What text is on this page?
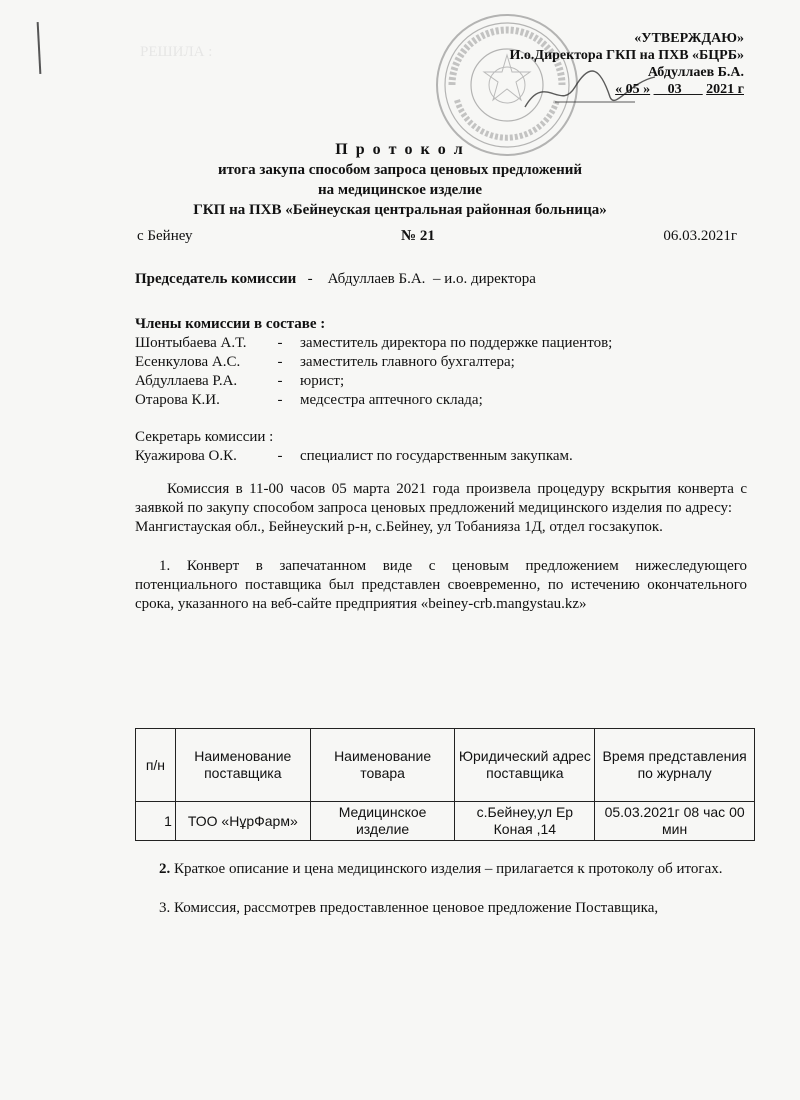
РЕШИЛА :

«УТВЕРЖДАЮ»
И.о.Директора ГКП на ПХВ «БЦРБ»
Абдуллаев Б.А.
« 05 » __03___ 2021 г
П р о т о к о л
итога закупа способом запроса ценовых предложений
на медицинское изделие
ГКП на ПХВ «Бейнеуская центральная районная больница»
с Бейнеу	№ 21	06.03.2021г
Председатель комиссии - Абдуллаев Б.А. – и.о. директора
Члены комиссии в составе :
Шонтыбаева А.Т.	-	заместитель директора по поддержке пациентов;
Есенкулова А.С.	-	заместитель главного бухгалтера;
Абдуллаева Р.А.	-	юрист;
Отарова К.И.	-	медсестра аптечного склада;
Секретарь комиссии :
Куажирова О.К.	-	специалист по государственным закупкам.
Комиссия в 11-00 часов 05 марта 2021 года произвела процедуру вскрытия конверта с заявкой по закупу способом запроса ценовых предложений медицинского изделия по адресу:
Мангистауская обл., Бейнеуский р-н, с.Бейнеу, ул Тобанияза 1Д, отдел госзакупок.
1. Конверт в запечатанном виде с ценовым предложением нижеследующего потенциального поставщика был представлен своевременно, по истечению окончательного срока, указанного на веб-сайте предприятия «beiney-crb.mangystau.kz»
п/н	Наименование поставщика	Наименование товара	Юридический адрес поставщика	Время представления по журналу
1	ТОО «НұрФарм»	Медицинское изделие	с.Бейнеу,ул Ер Коная ,14	05.03.2021г 08 час 00 мин
2. Краткое описание и цена медицинского изделия – прилагается к протоколу об итогах.
3. Комиссия, рассмотрев предоставленное ценовое предложение Поставщика,
